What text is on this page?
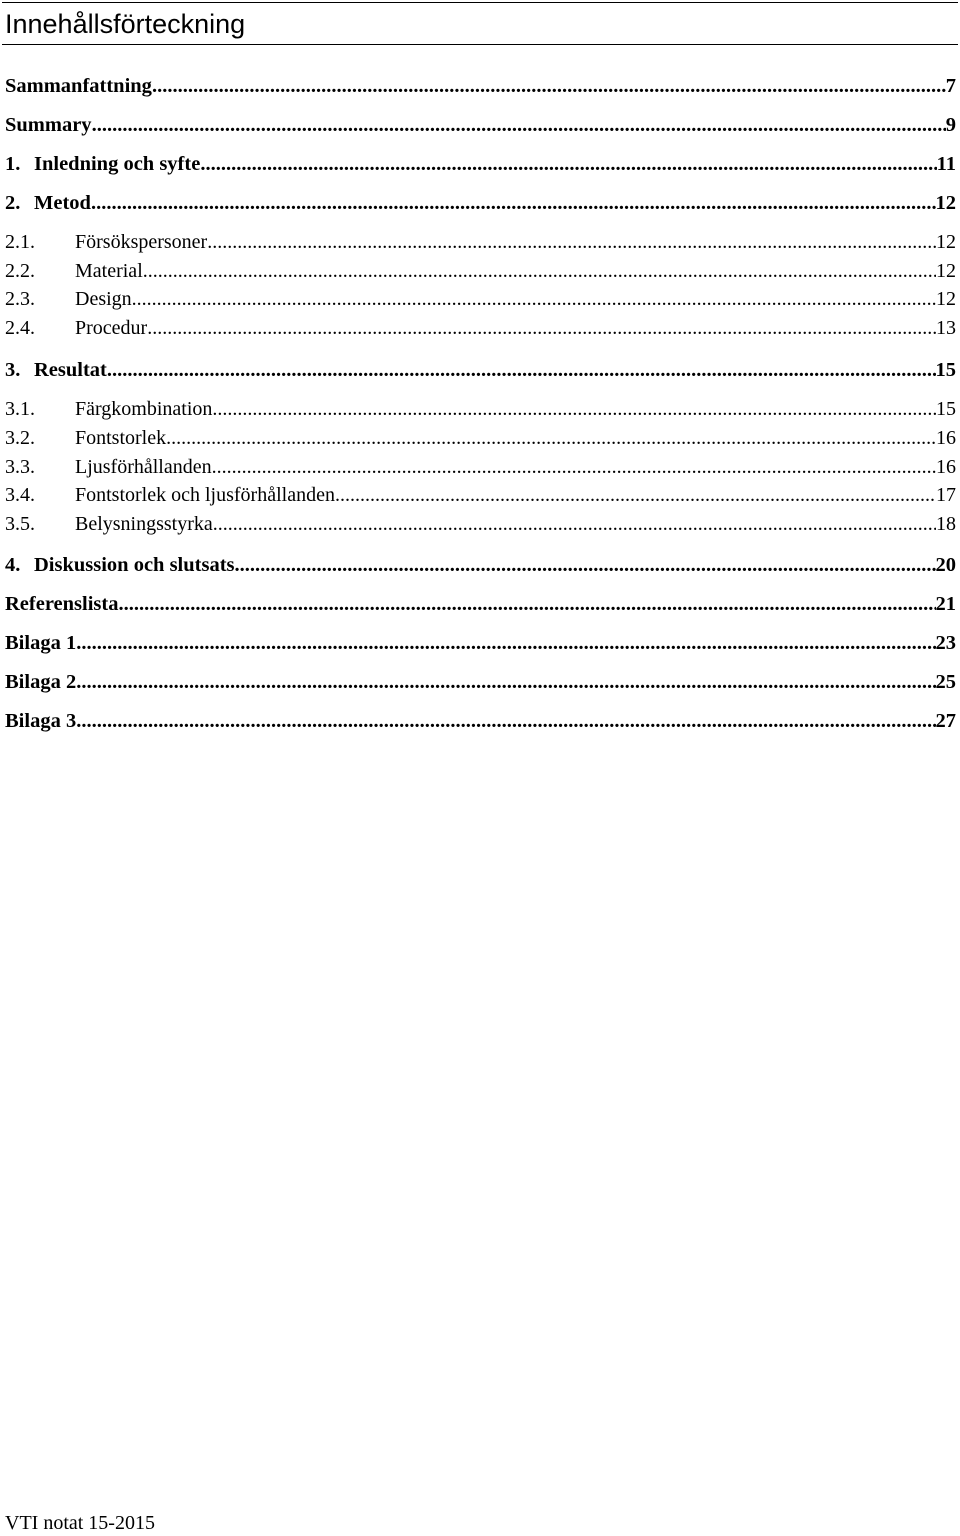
Innehållsförteckning
Sammanfattning .....	7
Summary .....	9
1. Inledning och syfte .....	11
2. Metod .....	12
2.1.	Försökspersoner .....	12
2.2.	Material .....	12
2.3.	Design .....	12
2.4.	Procedur .....	13
3. Resultat .....	15
3.1.	Färgkombination .....	15
3.2.	Fontstorlek .....	16
3.3.	Ljusförhållanden .....	16
3.4.	Fontstorlek och ljusförhållanden .....	17
3.5.	Belysningsstyrka .....	18
4. Diskussion och slutsats .....	20
Referenslista .....	21
Bilaga 1 .....	23
Bilaga 2 .....	25
Bilaga 3 .....	27
VTI notat 15-2015
